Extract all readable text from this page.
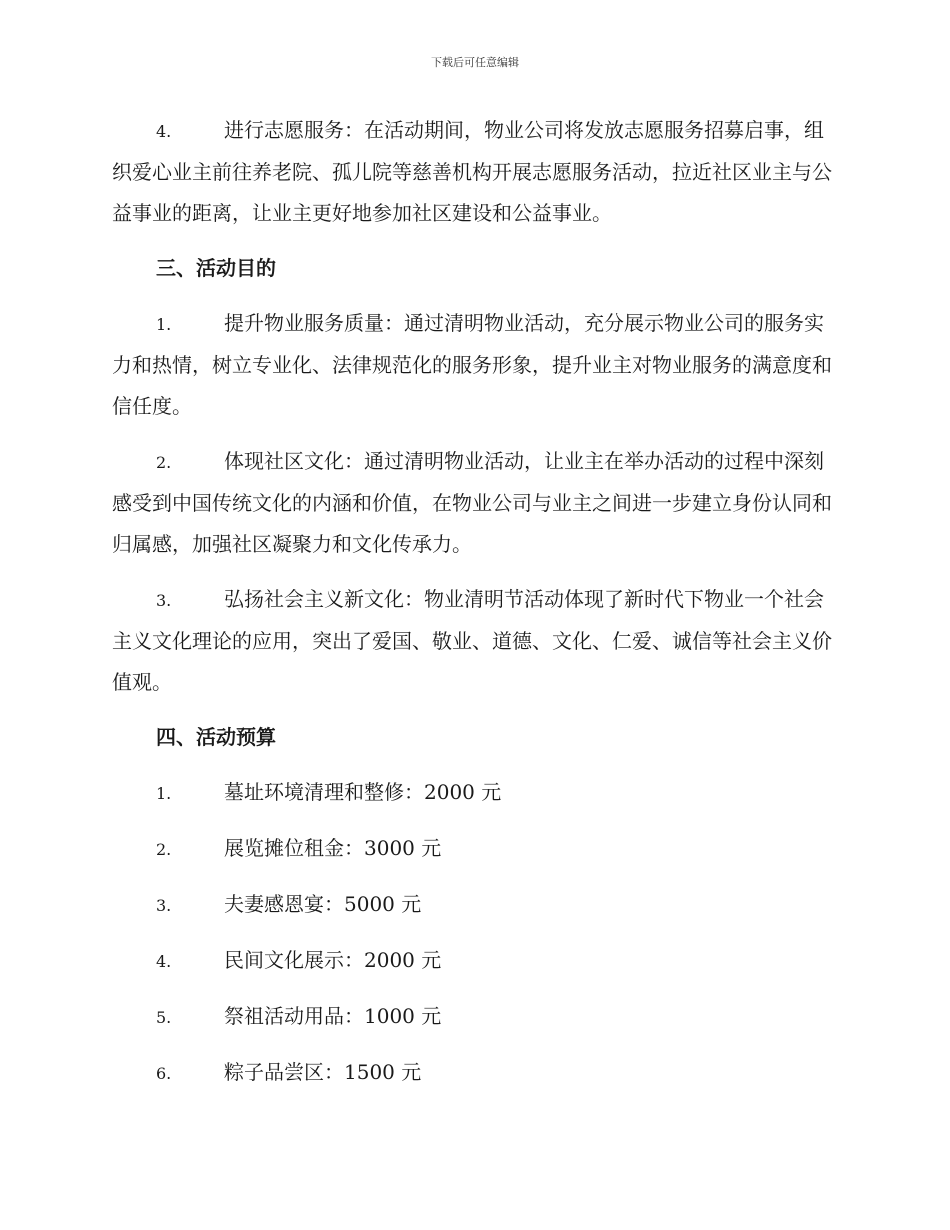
下载后可任意编辑

4.	进行志愿服务：在活动期间，物业公司将发放志愿服务招募启事，组织爱心业主前往养老院、孤儿院等慈善机构开展志愿服务活动，拉近社区业主与公益事业的距离，让业主更好地参加社区建设和公益事业。

三、活动目的

1.	提升物业服务质量：通过清明物业活动，充分展示物业公司的服务实力和热情，树立专业化、法律规范化的服务形象，提升业主对物业服务的满意度和信任度。

2.	体现社区文化：通过清明物业活动，让业主在举办活动的过程中深刻感受到中国传统文化的内涵和价值，在物业公司与业主之间进一步建立身份认同和归属感，加强社区凝聚力和文化传承力。

3.	弘扬社会主义新文化：物业清明节活动体现了新时代下物业一个社会主义文化理论的应用，突出了爱国、敬业、道德、文化、仁爱、诚信等社会主义价值观。

四、活动预算

1.	墓址环境清理和整修：2000 元

2.	展览摊位租金：3000 元

3.	夫妻感恩宴：5000 元

4.	民间文化展示：2000 元

5.	祭祖活动用品：1000 元

6.	粽子品尝区：1500 元
